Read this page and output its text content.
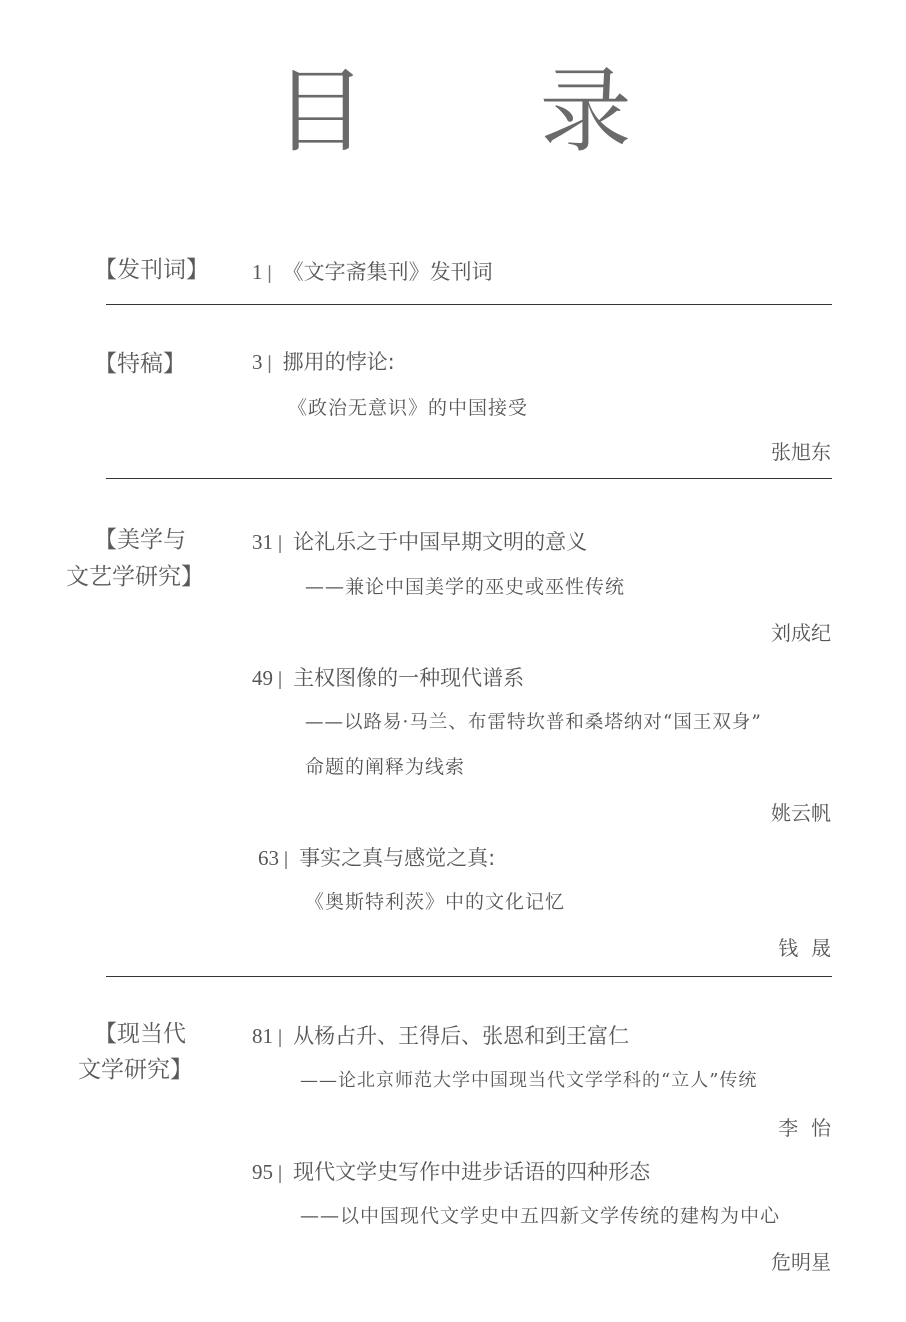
目 录
【发刊词】 1 | 《文字斋集刊》发刊词
【特稿】	3 | 挪用的悖论:
《政治无意识》的中国接受
张旭东
【美学与
文艺学研究】
31 | 论礼乐之于中国早期文明的意义
——兼论中国美学的巫史或巫性传统
刘成纪
49 | 主权图像的一种现代谱系
——以路易·马兰、布雷特坎普和桑塔纳对“国王双身”
命题的阐释为线索
姚云帆
63 | 事实之真与感觉之真:
《奥斯特利茨》中的文化记忆
钱  晟
【现当代
文学研究】
81 | 从杨占升、王得后、张恩和到王富仁
——论北京师范大学中国现当代文学学科的“立人”传统
李  怡
95 | 现代文学史写作中进步话语的四种形态
——以中国现代文学史中五四新文学传统的建构为中心
危明星
